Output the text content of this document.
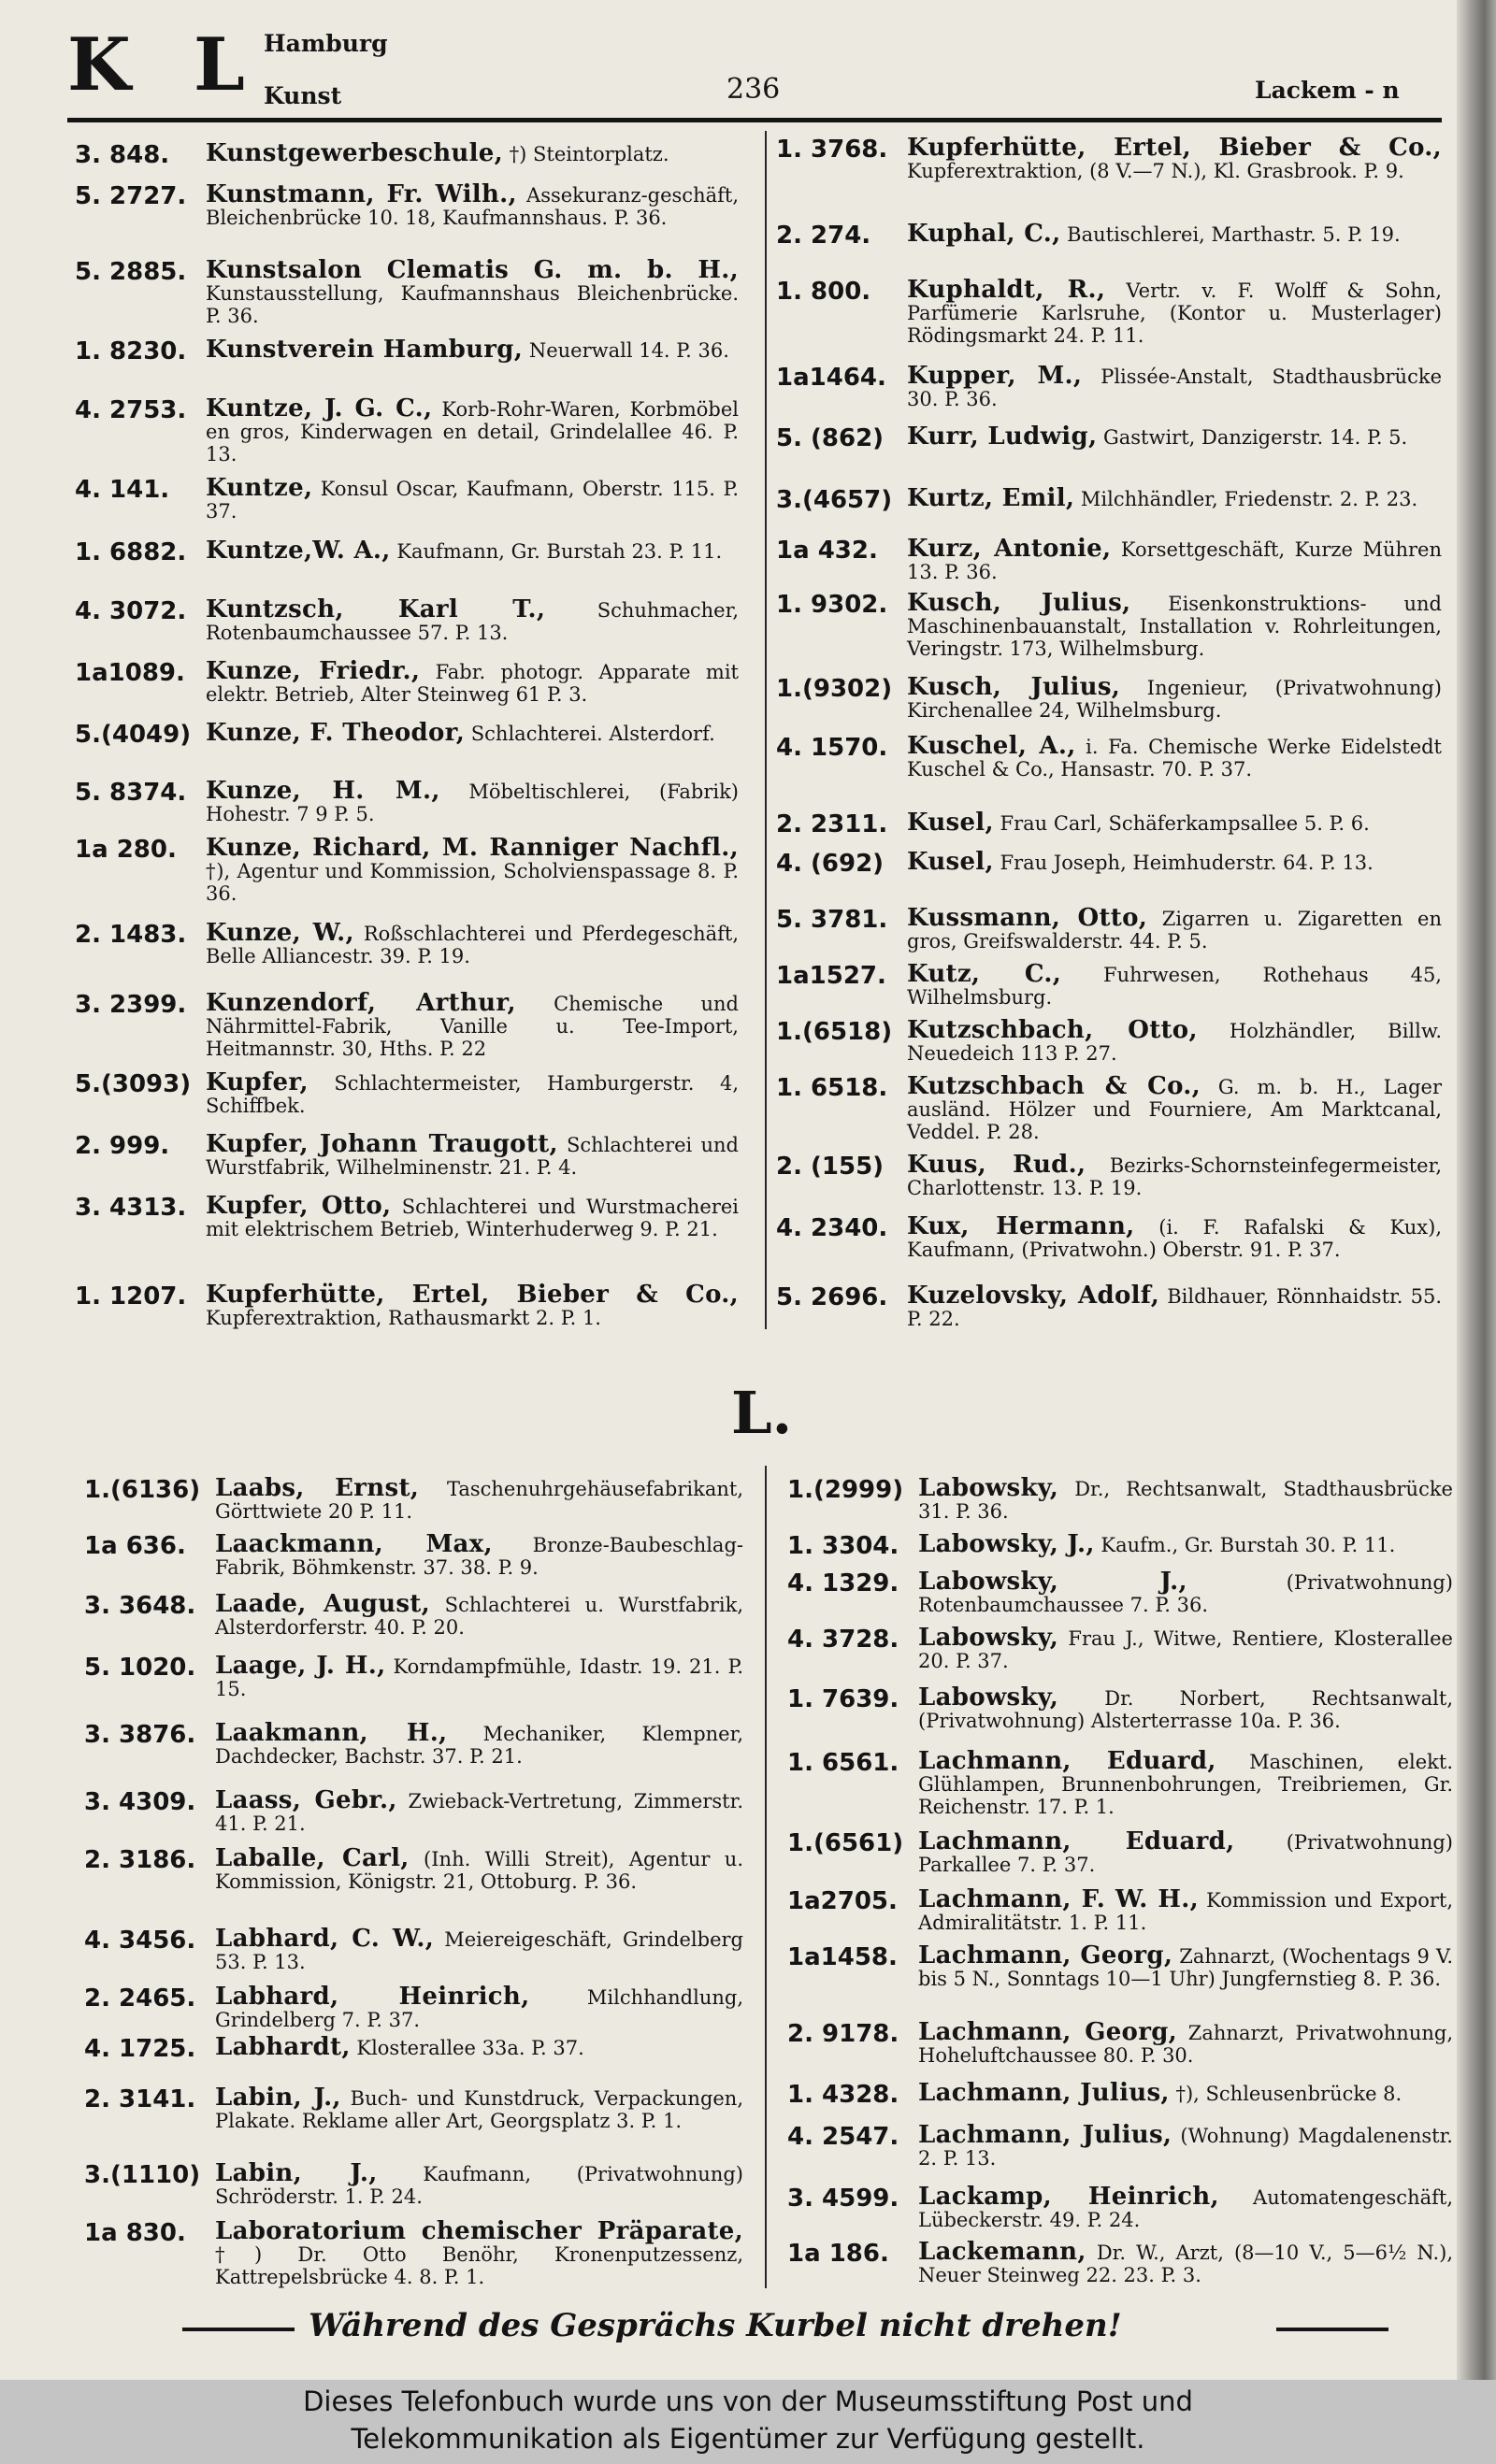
K L Hamburg
Kunst	236	Lackem - n
3. 848.	Kunstgewerbeschule, †) Steintorplatz.
5. 2727. Kunstmann, Fr. Wilh., Assekuranz-geschäft, Bleichenbrücke 10. 18, Kaufmannshaus. P. 36.
5. 2885. Kunstsalon Clematis G. m. b. H., Kunstausstellung, Kaufmannshaus Bleichenbrücke. P. 36.
1. 8230. Kunstverein Hamburg, Neuerwall 14. P. 36.
4. 2753. Kuntze, J. G. C., Korb-Rohr-Waren, Korbmöbel en gros, Kinderwagen en detail, Grindelallee 46. P. 13.
4. 141.	Kuntze, Konsul Oscar, Kaufmann, Oberstr. 115. P. 37.
1. 6882. Kuntze,W. A., Kaufmann, Gr. Burstah 23. P. 11.
4. 3072. Kuntzsch, Karl T., Schuhmacher, Rotenbaumchaussee 57. P. 13.
1a1089. Kunze, Friedr., Fabr. photogr. Apparate mit elektr. Betrieb, Alter Steinweg 61 P. 3.
5.(4049) Kunze, F. Theodor, Schlachterei. Alsterdorf.
5. 8374. Kunze, H. M., Möbeltischlerei, (Fabrik) Hohestr. 7 9 P. 5.
1a 280.	Kunze, Richard, M. Ranniger Nachfl., †), Agentur und Kommission, Scholvienspassage 8. P. 36.
2. 1483. Kunze, W., Roßschlachterei und Pferdegeschäft, Belle Alliancestr. 39. P. 19.
3. 2399. Kunzendorf, Arthur, Chemische und Nährmittel-Fabrik, Vanille u. Tee-Import, Heitmannstr. 30, Hths. P. 22
5.(3093) Kupfer, Schlachtermeister, Hamburgerstr. 4, Schiffbek.
2. 999.	Kupfer, Johann Traugott, Schlachterei und Wurstfabrik, Wilhelminenstr. 21. P. 4.
3. 4313. Kupfer, Otto, Schlachterei und Wurstmacherei mit elektrischem Betrieb, Winterhuderweg 9. P. 21.
1. 1207. Kupferhütte, Ertel, Bieber & Co., Kupferextraktion, Rathausmarkt 2. P. 1.
1. 3768. Kupferhütte, Ertel, Bieber & Co., Kupferextraktion, (8 V.—7 N.), Kl. Grasbrook. P. 9.
2. 274.	Kuphal, C., Bautischlerei, Marthastr. 5. P. 19.
1. 800.	Kuphaldt, R., Vertr. v. F. Wolff & Sohn, Parfümerie Karlsruhe, (Kontor u. Musterlager) Rödingsmarkt 24. P. 11.
1a1464. Kupper, M., Plissée-Anstalt, Stadthausbrücke 30. P. 36.
5. (862) Kurr, Ludwig, Gastwirt, Danzigerstr. 14. P. 5.
3.(4657) Kurtz, Emil, Milchhändler, Friedenstr. 2. P. 23.
1a 432.	Kurz, Antonie, Korsettgeschäft, Kurze Mühren 13. P. 36.
1. 9302. Kusch, Julius, Eisenkonstruktions- und Maschinenbauanstalt, Installation v. Rohrleitungen, Veringstr. 173, Wilhelmsburg.
1.(9302) Kusch, Julius, Ingenieur, (Privatwohnung) Kirchenallee 24, Wilhelmsburg.
4. 1570. Kuschel, A., i. Fa. Chemische Werke Eidelstedt Kuschel & Co., Hansastr. 70. P. 37.
2. 2311. Kusel, Frau Carl, Schäferkampsallee 5. P. 6.
4. (692) Kusel, Frau Joseph, Heimhuderstr. 64. P. 13.
5. 3781. Kussmann, Otto, Zigarren u. Zigaretten en gros, Greifswalderstr. 44. P. 5.
1a1527. Kutz, C., Fuhrwesen, Rothehaus 45, Wilhelmsburg.
1.(6518) Kutzschbach, Otto, Holzhändler, Billw. Neuedeich 113 P. 27.
1. 6518. Kutzschbach & Co., G. m. b. H., Lager ausländ. Hölzer und Fourniere, Am Marktcanal, Veddel. P. 28.
2. (155) Kuus, Rud., Bezirks-Schornsteinfegermeister, Charlottenstr. 13. P. 19.
4. 2340. Kux, Hermann, (i. F. Rafalski & Kux), Kaufmann, (Privatwohn.) Oberstr. 91. P. 37.
5. 2696. Kuzelovsky, Adolf, Bildhauer, Rönnhaidstr. 55. P. 22.
L.
1.(6136) Laabs, Ernst, Taschenuhrgehäusefabrikant, Görttwiete 20 P. 11.
1a 636.	Laackmann, Max, Bronze-Baubeschlag-Fabrik, Böhmkenstr. 37. 38. P. 9.
3. 3648. Laade, August, Schlachterei u. Wurstfabrik, Alsterdorferstr. 40. P. 20.
5. 1020. Laage, J. H., Korndampfmühle, Idastr. 19. 21. P. 15.
3. 3876. Laakmann, H., Mechaniker, Klempner, Dachdecker, Bachstr. 37. P. 21.
3. 4309. Laass, Gebr., Zwieback-Vertretung, Zimmerstr. 41. P. 21.
2. 3186. Laballe, Carl, (Inh. Willi Streit), Agentur u. Kommission, Königstr. 21, Ottoburg. P. 36.
4. 3456. Labhard, C. W., Meiereigeschäft, Grindelberg 53. P. 13.
2. 2465. Labhard, Heinrich, Milchhandlung, Grindelberg 7. P. 37.
4. 1725. Labhardt, Klosterallee 33a. P. 37.
2. 3141. Labin, J., Buch- und Kunstdruck, Verpackungen, Plakate. Reklame aller Art, Georgsplatz 3. P. 1.
3.(1110) Labin, J., Kaufmann, (Privatwohnung) Schröderstr. 1. P. 24.
1a 830.	Laboratorium chemischer Präparate, †) Dr. Otto Benöhr, Kronenputzessenz, Kattrepelsbrücke 4. 8. P. 1.
1.(2999) Labowsky, Dr., Rechtsanwalt, Stadthausbrücke 31. P. 36.
1. 3304. Labowsky, J., Kaufm., Gr. Burstah 30. P. 11.
4. 1329. Labowsky, J., (Privatwohnung) Rotenbaumchaussee 7. P. 36.
4. 3728. Labowsky, Frau J., Witwe, Rentiere, Klosterallee 20. P. 37.
1. 7639. Labowsky, Dr. Norbert, Rechtsanwalt, (Privatwohnung) Alsterterrasse 10a. P. 36.
1. 6561. Lachmann, Eduard, Maschinen, elekt. Glühlampen, Brunnenbohrungen, Treibriemen, Gr. Reichenstr. 17. P. 1.
1.(6561) Lachmann, Eduard, (Privatwohnung) Parkallee 7. P. 37.
1a2705. Lachmann, F. W. H., Kommission und Export, Admiralitätstr. 1. P. 11.
1a1458. Lachmann, Georg, Zahnarzt, (Wochentags 9 V. bis 5 N., Sonntags 10—1 Uhr) Jungfernstieg 8. P. 36.
2. 9178. Lachmann, Georg, Zahnarzt, Privatwohnung, Hoheluftchaussee 80. P. 30.
1. 4328. Lachmann, Julius, †), Schleusenbrücke 8.
4. 2547. Lachmann, Julius, (Wohnung) Magdalenenstr. 2. P. 13.
3. 4599. Lackamp, Heinrich, Automatengeschäft, Lübeckerstr. 49. P. 24.
1a 186.	Lackemann, Dr. W., Arzt, (8—10 V., 5—6½ N.), Neuer Steinweg 22. 23. P. 3.
Während des Gesprächs Kurbel nicht drehen!
Dieses Telefonbuch wurde uns von der Museumsstiftung Post und
Telekommunikation als Eigentümer zur Verfügung gestellt.
